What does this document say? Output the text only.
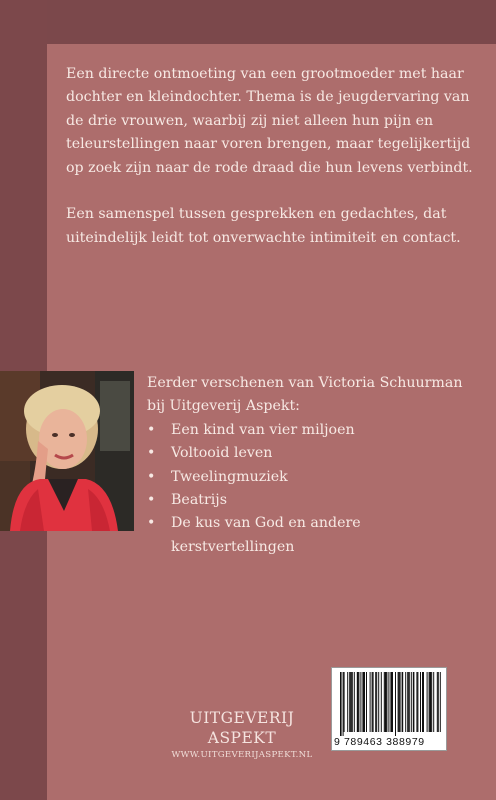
Een directe ontmoeting van een grootmoeder met haar dochter en kleindochter. Thema is de jeugdervaring van de drie vrouwen, waarbij zij niet alleen hun pijn en teleurstellingen naar voren brengen, maar tegelijkertijd op zoek zijn naar de rode draad die hun levens verbindt.

Een samenspel tussen gesprekken en gedachtes, dat uiteindelijk leidt tot onverwachte intimiteit en contact.

Eerder verschenen van Victoria Schuurman bij Uitgeverij Aspekt:

• Een kind van vier miljoen
• Voltooid leven
• Tweelingmuziek
• Beatrijs
• De kus van God en andere kerstvertellingen
UITGEVERIJ ASPEKT
WWW.UITGEVERIJASPEKT.NL
9 789463 388979
